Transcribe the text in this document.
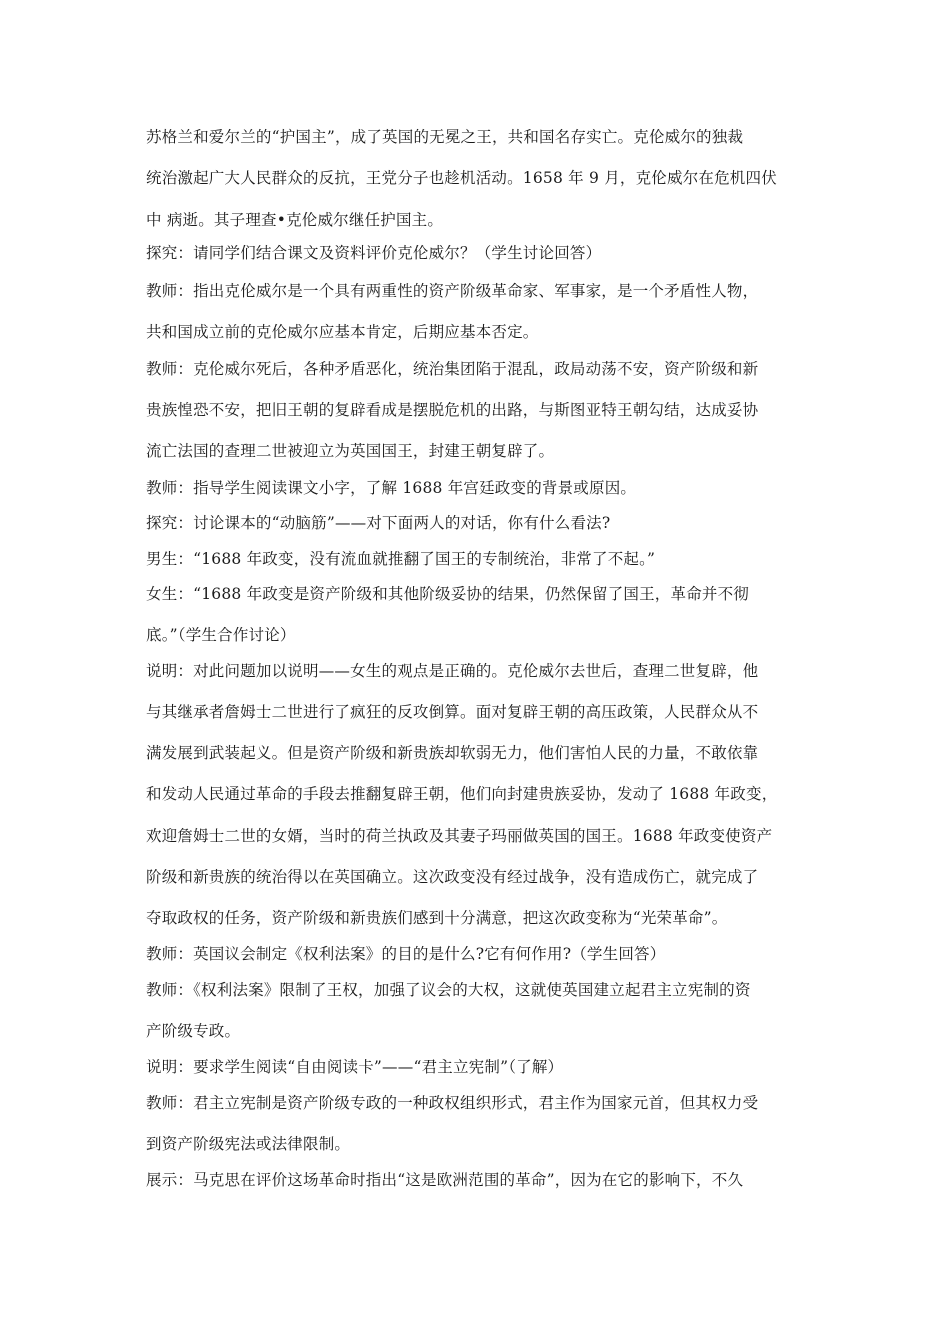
苏格兰和爱尔兰的“护国主”，成了英国的无冕之王，共和国名存实亡。克伦威尔的独裁
统治激起广大人民群众的反抗，王党分子也趁机活动。1658 年 9 月，克伦威尔在危机四伏
中 病逝。其子理查•克伦威尔继任护国主。
探究：请同学们结合课文及资料评价克伦威尔？（学生讨论回答）
教师：指出克伦威尔是一个具有两重性的资产阶级革命家、军事家，是一个矛盾性人物，
共和国成立前的克伦威尔应基本肯定，后期应基本否定。
教师：克伦威尔死后，各种矛盾恶化，统治集团陷于混乱，政局动荡不安，资产阶级和新
贵族惶恐不安，把旧王朝的复辟看成是摆脱危机的出路，与斯图亚特王朝勾结，达成妥协
流亡法国的查理二世被迎立为英国国王，封建王朝复辟了。
教师：指导学生阅读课文小字，了解 1688 年宫廷政变的背景或原因。
探究：讨论课本的“动脑筋”——对下面两人的对话，你有什么看法?
男生：“1688 年政变，没有流血就推翻了国王的专制统治，非常了不起。”
女生：“1688 年政变是资产阶级和其他阶级妥协的结果，仍然保留了国王，革命并不彻
底。”（学生合作讨论）
说明：对此问题加以说明——女生的观点是正确的。克伦威尔去世后，查理二世复辟，他
与其继承者詹姆士二世进行了疯狂的反攻倒算。面对复辟王朝的高压政策，人民群众从不
满发展到武装起义。但是资产阶级和新贵族却软弱无力，他们害怕人民的力量，不敢依靠
和发动人民通过革命的手段去推翻复辟王朝，他们向封建贵族妥协，发动了 1688 年政变，
欢迎詹姆士二世的女婿，当时的荷兰执政及其妻子玛丽做英国的国王。1688 年政变使资产
阶级和新贵族的统治得以在英国确立。这次政变没有经过战争，没有造成伤亡，就完成了
夺取政权的任务，资产阶级和新贵族们感到十分满意，把这次政变称为“光荣革命”。
教师：英国议会制定《权利法案》的目的是什么?它有何作用?（学生回答）
教师：《权利法案》限制了王权，加强了议会的大权，这就使英国建立起君主立宪制的资
产阶级专政。
说明：要求学生阅读“自由阅读卡”——“君主立宪制”（了解）
教师：君主立宪制是资产阶级专政的一种政权组织形式，君主作为国家元首，但其权力受
到资产阶级宪法或法律限制。
展示：马克思在评价这场革命时指出“这是欧洲范围的革命”，因为在它的影响下，不久
